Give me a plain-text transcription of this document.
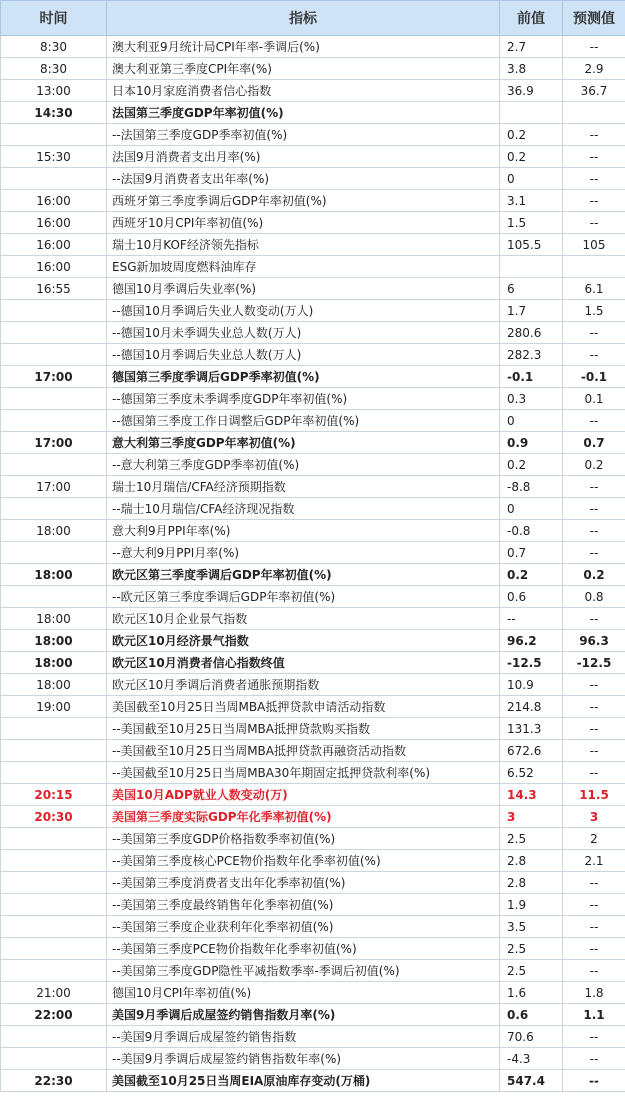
时间	指标	前值	预测值
8:30	澳大利亚9月统计局CPI年率-季调后(%)	2.7	--
8:30	澳大利亚第三季度CPI年率(%)	3.8	2.9
13:00	日本10月家庭消费者信心指数	36.9	36.7
14:30	法国第三季度GDP年率初值(%)		
	--法国第三季度GDP季率初值(%)	0.2	--
15:30	法国9月消费者支出月率(%)	0.2	--
	--法国9月消费者支出年率(%)	0	--
16:00	西班牙第三季度季调后GDP年率初值(%)	3.1	--
16:00	西班牙10月CPI年率初值(%)	1.5	--
16:00	瑞士10月KOF经济领先指标	105.5	105
16:00	ESG新加坡周度燃料油库存		
16:55	德国10月季调后失业率(%)	6	6.1
	--德国10月季调后失业人数变动(万人)	1.7	1.5
	--德国10月未季调失业总人数(万人)	280.6	--
	--德国10月季调后失业总人数(万人)	282.3	--
17:00	德国第三季度季调后GDP季率初值(%)	-0.1	-0.1
	--德国第三季度未季调季度GDP年率初值(%)	0.3	0.1
	--德国第三季度工作日调整后GDP年率初值(%)	0	--
17:00	意大利第三季度GDP年率初值(%)	0.9	0.7
	--意大利第三季度GDP季率初值(%)	0.2	0.2
17:00	瑞士10月瑞信/CFA经济预期指数	-8.8	--
	--瑞士10月瑞信/CFA经济现况指数	0	--
18:00	意大利9月PPI年率(%)	-0.8	--
	--意大利9月PPI月率(%)	0.7	--
18:00	欧元区第三季度季调后GDP年率初值(%)	0.2	0.2
	--欧元区第三季度季调后GDP年率初值(%)	0.6	0.8
18:00	欧元区10月企业景气指数	--	--
18:00	欧元区10月经济景气指数	96.2	96.3
18:00	欧元区10月消费者信心指数终值	-12.5	-12.5
18:00	欧元区10月季调后消费者通胀预期指数	10.9	--
19:00	美国截至10月25日当周MBA抵押贷款申请活动指数	214.8	--
	--美国截至10月25日当周MBA抵押贷款购买指数	131.3	--
	--美国截至10月25日当周MBA抵押贷款再融资活动指数	672.6	--
	--美国截至10月25日当周MBA30年期固定抵押贷款利率(%)	6.52	--
20:15	美国10月ADP就业人数变动(万)	14.3	11.5
20:30	美国第三季度实际GDP年化季率初值(%)	3	3
	--美国第三季度GDP价格指数季率初值(%)	2.5	2
	--美国第三季度核心PCE物价指数年化季率初值(%)	2.8	2.1
	--美国第三季度消费者支出年化季率初值(%)	2.8	--
	--美国第三季度最终销售年化季率初值(%)	1.9	--
	--美国第三季度企业获利年化季率初值(%)	3.5	--
	--美国第三季度PCE物价指数年化季率初值(%)	2.5	--
	--美国第三季度GDP隐性平减指数季率-季调后初值(%)	2.5	--
21:00	德国10月CPI年率初值(%)	1.6	1.8
22:00	美国9月季调后成屋签约销售指数月率(%)	0.6	1.1
	--美国9月季调后成屋签约销售指数	70.6	--
	--美国9月季调后成屋签约销售指数年率(%)	-4.3	--
22:30	美国截至10月25日当周EIA原油库存变动(万桶)	547.4	--
